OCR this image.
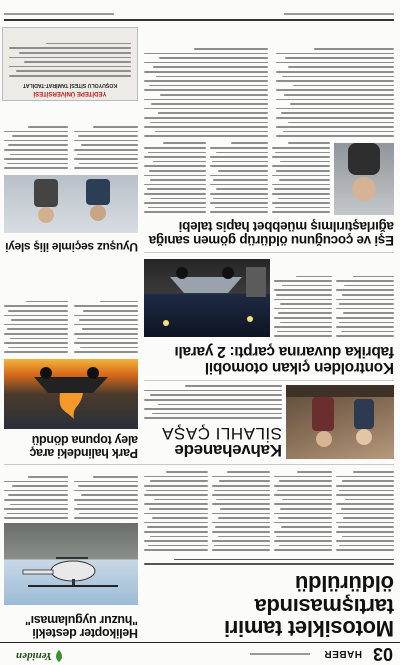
03
HABER
Yeniden

Motosiklet tamiri

tartışmasında

öldürüldü

Helikopter destekli

"huzur uygulaması"

Kahvehanede

SİLAHLI ÇAŞA

Park halindeki araç

aley topuna döndü

Kontrolden çıkan otomobil

fabrika duvarına çarptı: 2 yaralı

Eşi ve çocuğunu öldürüp gömen sanığa

ağırlaştırılmış müebbet hapis talebi

Uyuşuz seçimle iliş sleyi

YEDİTEPE ÜNİVERSİTESİ

KOŞUYOLU SİTESİ TAMİRAT-TADİLAT
